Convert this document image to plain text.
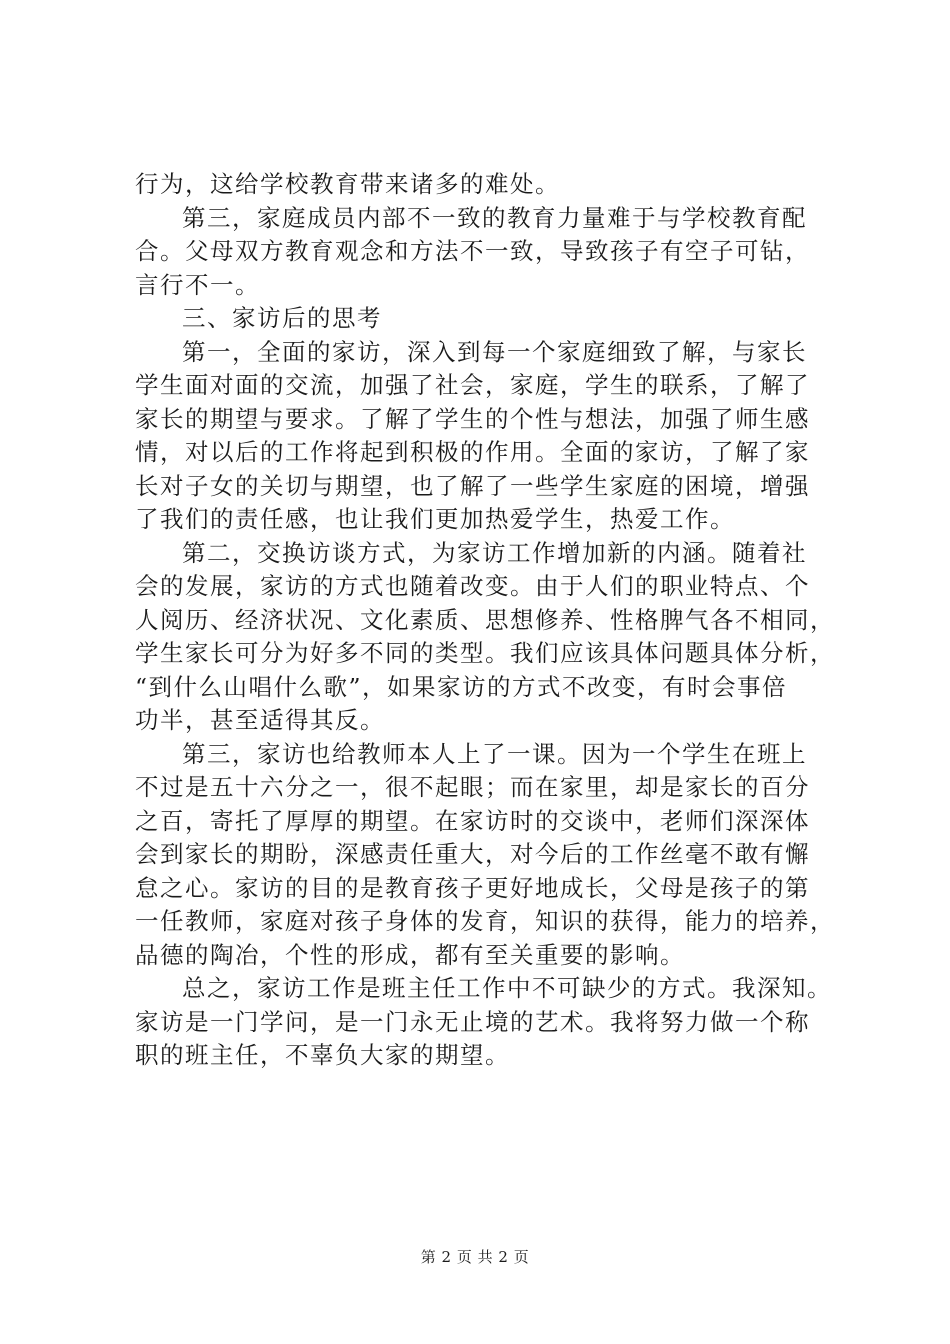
行为，这给学校教育带来诸多的难处。
第三，家庭成员内部不一致的教育力量难于与学校教育配
合。父母双方教育观念和方法不一致，导致孩子有空子可钻，
言行不一。
三、家访后的思考
第一，全面的家访，深入到每一个家庭细致了解，与家长
学生面对面的交流，加强了社会，家庭，学生的联系，了解了
家长的期望与要求。了解了学生的个性与想法，加强了师生感
情，对以后的工作将起到积极的作用。全面的家访，了解了家
长对子女的关切与期望，也了解了一些学生家庭的困境，增强
了我们的责任感，也让我们更加热爱学生，热爱工作。
第二，交换访谈方式，为家访工作增加新的内涵。随着社
会的发展，家访的方式也随着改变。由于人们的职业特点、个
人阅历、经济状况、文化素质、思想修养、性格脾气各不相同，
学生家长可分为好多不同的类型。我们应该具体问题具体分析，
“到什么山唱什么歌”，如果家访的方式不改变，有时会事倍
功半，甚至适得其反。
第三，家访也给教师本人上了一课。因为一个学生在班上
不过是五十六分之一，很不起眼；而在家里，却是家长的百分
之百，寄托了厚厚的期望。在家访时的交谈中，老师们深深体
会到家长的期盼，深感责任重大，对今后的工作丝毫不敢有懈
怠之心。家访的目的是教育孩子更好地成长，父母是孩子的第
一任教师，家庭对孩子身体的发育，知识的获得，能力的培养，
品德的陶冶，个性的形成，都有至关重要的影响。
总之，家访工作是班主任工作中不可缺少的方式。我深知。
家访是一门学问，是一门永无止境的艺术。我将努力做一个称
职的班主任，不辜负大家的期望。
第 2 页 共 2 页
